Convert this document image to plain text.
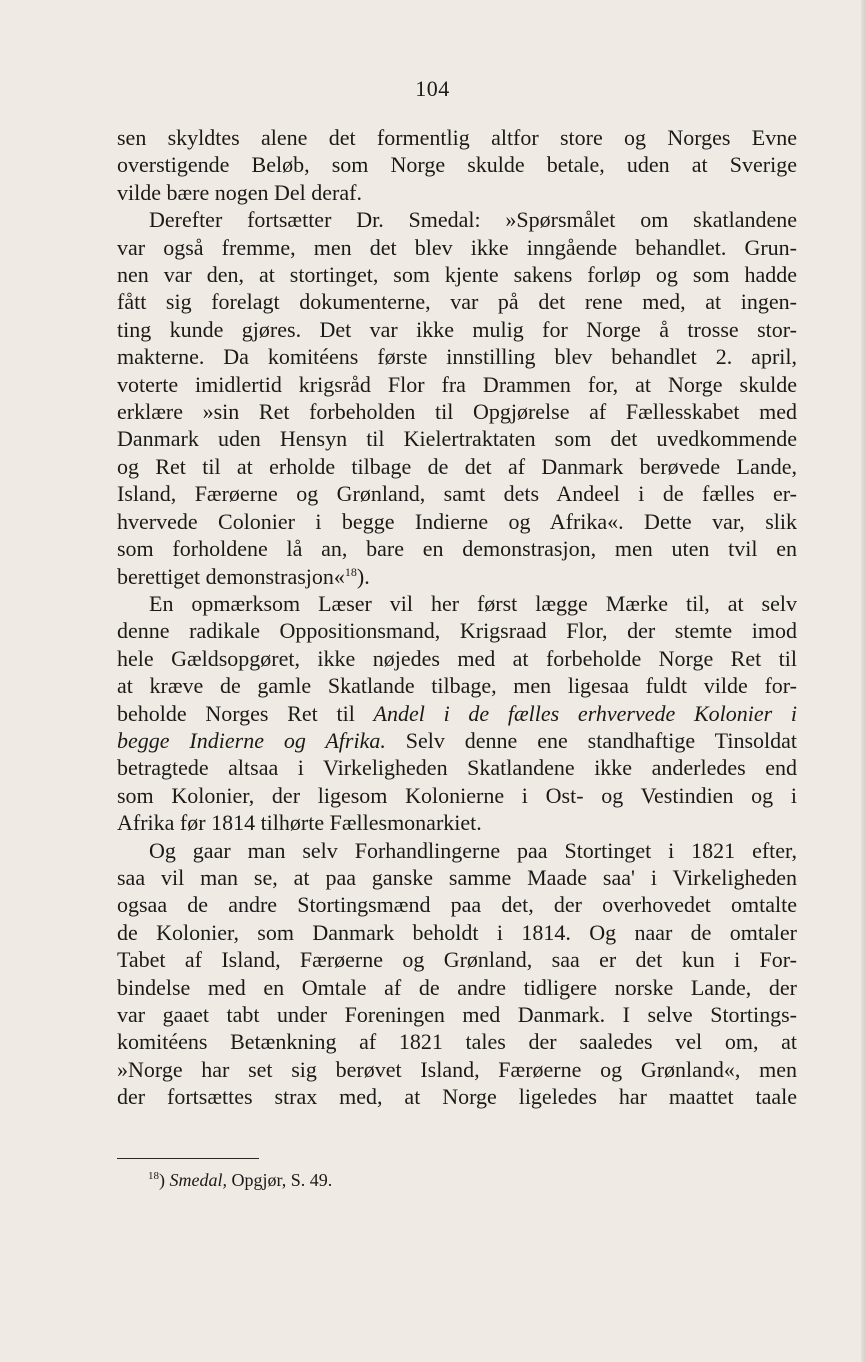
104
sen skyldtes alene det formentlig altfor store og Norges Evne
overstigende Beløb, som Norge skulde betale, uden at Sverige
vilde bære nogen Del deraf.
Derefter fortsætter Dr. Smedal: »Spørsmålet om skatlandene
var også fremme, men det blev ikke inngående behandlet. Grun-
nen var den, at stortinget, som kjente sakens forløp og som hadde
fått sig forelagt dokumenterne, var på det rene med, at ingen-
ting kunde gjøres. Det var ikke mulig for Norge å trosse stor-
makterne. Da komitéens første innstilling blev behandlet 2. april,
voterte imidlertid krigsråd Flor fra Drammen for, at Norge skulde
erklære »sin Ret forbeholden til Opgjørelse af Fællesskabet med
Danmark uden Hensyn til Kielertraktaten som det uvedkommende
og Ret til at erholde tilbage de det af Danmark berøvede Lande,
Island, Færøerne og Grønland, samt dets Andeel i de fælles er-
hvervede Colonier i begge Indierne og Afrika«. Dette var, slik
som forholdene lå an, bare en demonstrasjon, men uten tvil en
berettiget demonstrasjon«$^{18}$).
En opmærksom Læser vil her først lægge Mærke til, at selv
denne radikale Oppositionsmand, Krigsraad Flor, der stemte imod
hele Gældsopgøret, ikke nøjedes med at forbeholde Norge Ret til
at kræve de gamle Skatlande tilbage, men ligesaa fuldt vilde for-
beholde Norges Ret til Andel i de fælles erhvervede Kolonier i
begge Indierne og Afrika. Selv denne ene standhaftige Tinsoldat
betragtede altsaa i Virkeligheden Skatlandene ikke anderledes end
som Kolonier, der ligesom Kolonierne i Ost- og Vestindien og i
Afrika før 1814 tilhørte Fællesmonarkiet.
Og gaar man selv Forhandlingerne paa Stortinget i 1821 efter,
saa vil man se, at paa ganske samme Maade saa' i Virkeligheden
ogsaa de andre Stortingsmænd paa det, der overhovedet omtalte
de Kolonier, som Danmark beholdt i 1814. Og naar de omtaler
Tabet af Island, Færøerne og Grønland, saa er det kun i For-
bindelse med en Omtale af de andre tidligere norske Lande, der
var gaaet tabt under Foreningen med Danmark. I selve Stortings-
komitéens Betænkning af 1821 tales der saaledes vel om, at
»Norge har set sig berøvet Island, Færøerne og Grønland«, men
der fortsættes strax med, at Norge ligeledes har maattet taale
$^{18}$) Smedal, Opgjør, S. 49.
